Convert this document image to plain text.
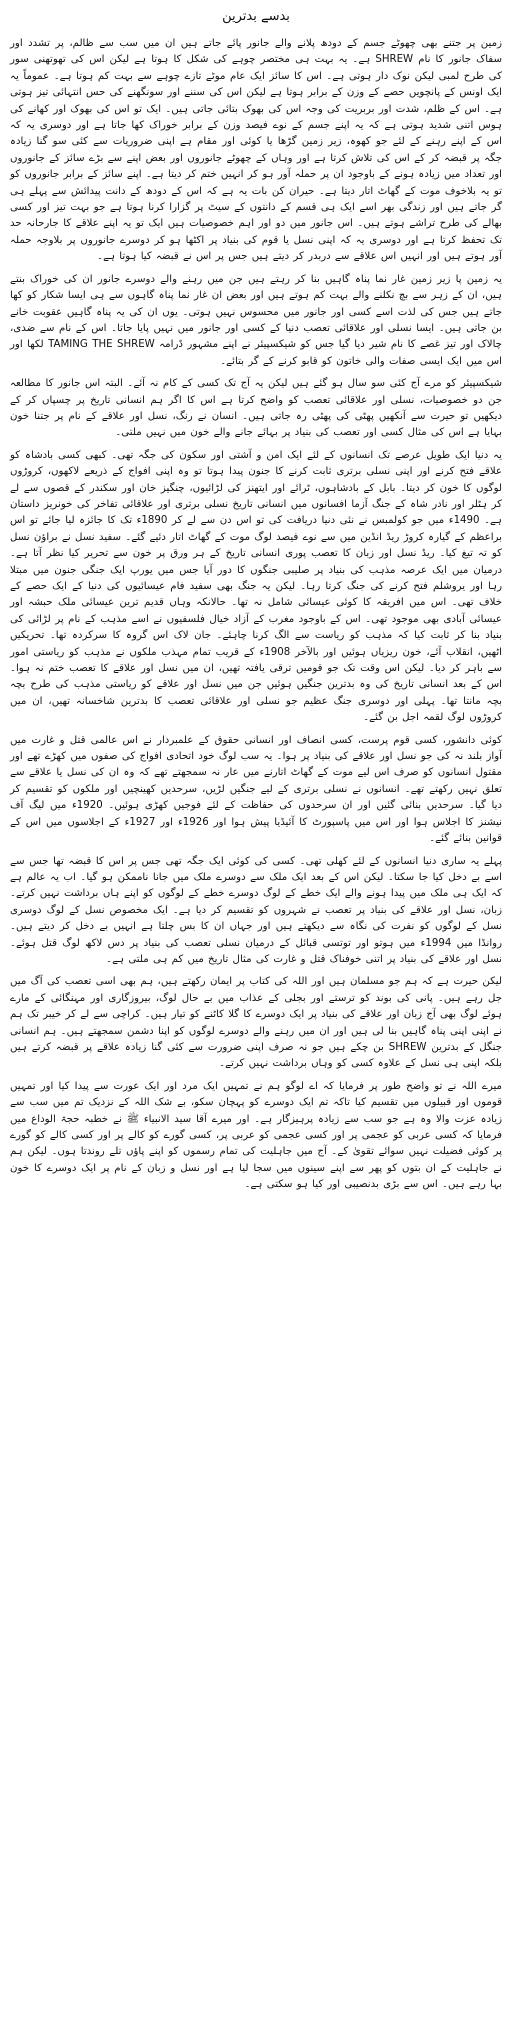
بدسے بدترین

زمین پر جتنے بھی چھوٹے جسم کے دودھ پلانے والے جانور پائے جاتے ہیں ان میں سب سے ظالم، پر تشدد اور سفاک جانور کا نام SHREW ہے۔ یہ بہت ہی مختصر چوہے کی شکل کا ہوتا ہے لیکن اس کی تھوتھنی سور کی طرح لمبی لیکن نوک دار ہوتی ہے۔ اس کا سائز ایک عام موٹے تازے چوہے سے بہت کم ہوتا ہے۔ عموماً یہ ایک اونس کے پانچویں حصے کے وزن کے برابر ہوتا ہے لیکن اس کی سننے اور سونگھنے کی حس انتہائی تیز ہوتی ہے۔ اس کے ظلم، شدت اور بربریت کی وجہ اس کی بھوک بتائی جاتی ہیں۔ ایک تو اس کی بھوک اور کھانے کی ہوس اتنی شدید ہوتی ہے کہ یہ اپنے جسم کے نوے فیصد وزن کے برابر خوراک کھا جاتا ہے اور دوسری یہ کہ اس کے اپنے رہنے کے لئے جو کھوہ، زیر زمین گڑھا یا کوئی اور مقام ہے اپنی ضروریات سے کئی سو گنا زیادہ جگہ پر قبضہ کر کے اس کی تلاش کرتا ہے اور وہاں کے چھوٹے جانوروں اور بعض اپنے سے بڑے سائز کے جانوروں اور تعداد میں زیادہ ہونے کے باوجود ان پر حملہ آور ہو کر انہیں ختم کر دیتا ہے۔ اپنے سائز کے برابر جانوروں کو تو یہ بلاخوف موت کے گھاٹ اتار دیتا ہے۔ حیران کن بات یہ ہے کہ اس کے دودھ کے دانت پیدائش سے پہلے ہی گر جاتے ہیں اور زندگی بھر اسے ایک ہی قسم کے دانتوں کے سیٹ پر گزارا کرنا ہوتا ہے جو بہت تیز اور کسی بھالے کی طرح تراشے ہوتے ہیں۔ اس جانور میں دو اور اہم خصوصیات ہیں ایک تو یہ اپنے علاقے کا جارحانہ حد تک تحفظ کرتا ہے اور دوسری یہ کہ اپنی نسل یا قوم کی بنیاد پر اکٹھا ہو کر دوسرے جانوروں پر بلاوجہ حملہ آور ہوتے ہیں اور انہیں اس علاقے سے دربدر کر دیتے ہیں جس پر اس نے قبضہ کیا ہوتا ہے۔

یہ زمین پا زیر زمین غار نما پناہ گاہیں بنا کر رہتے ہیں جن میں رہنے والے دوسرے جانور ان کی خوراک بنتے ہیں، ان کے زہر سے بچ نکلنے والے بہت کم ہوتے ہیں اور بعض ان غار نما پناہ گاہوں سے ہی ایسا شکار کو کھا جاتے ہیں جس کی لذت اسے کسی اور جانور میں محسوس نہیں ہوتی۔ یوں ان کی یہ پناہ گاہیں عقوبت خانے بن جاتی ہیں۔ ایسا نسلی اور علاقائی تعصب دنیا کے کسی اور جانور میں نہیں پایا جاتا۔ اس کے نام سے ضدی، چالاک اور تیز غصے کا نام شیر دیا گیا جس کو شیکسپیئر نے اپنے مشہور ڈرامہ TAMING THE SHREW لکھا اور اس میں ایک ایسی صفات والی خاتون کو قابو کرنے کے گر بتائے۔

شیکسپیئر کو مرے آج کئی سو سال ہو گئے ہیں لیکن یہ آج تک کسی کے کام نہ آئے۔ البتہ اس جانور کا مطالعہ جن دو خصوصیات، نسلی اور علاقائی تعصب کو واضح کرتا ہے اس کا اگر ہم انسانی تاریخ پر چسپاں کر کے دیکھیں تو حیرت سے آنکھیں پھٹی کی پھٹی رہ جاتی ہیں۔ انسان نے رنگ، نسل اور علاقے کے نام پر جتنا خون بہایا ہے اس کی مثال کسی اور تعصب کی بنیاد پر بہائے جانے والے خون میں نہیں ملتی۔

یہ دنیا ایک طویل عرصے تک انسانوں کے لئے ایک امن و آشتی اور سکون کی جگہ تھی۔ کبھی کسی بادشاہ کو علاقے فتح کرنے اور اپنی نسلی برتری ثابت کرنے کا جنون پیدا ہوتا تو وہ اپنی افواج کے ذریعے لاکھوں، کروڑوں لوگوں کا خون کر دیتا۔ بابل کے بادشاہوں، ٹرائے اور ایتھنز کی لڑائیوں، چنگیز خان اور سکندر کے قصوں سے لے کر ہٹلر اور نادر شاہ کے جنگ آزما افسانوں میں انسانی تاریخ نسلی برتری اور علاقائی تفاخر کی خونریز داستان ہے۔ 1490ء میں جو کولمبس نے نئی دنیا دریافت کی تو اس دن سے لے کر 1890ء تک کا جائزہ لیا جائے تو اس براعظم کے گیارہ کروڑ ریڈ انڈین میں سے نوے فیصد لوگ موت کے گھاٹ اتار دئیے گئے۔ سفید نسل نے براؤن نسل کو تہ تیغ کیا۔ ریڈ نسل اور زبان کا تعصب پوری انسانی تاریخ کے ہر ورق پر خون سے تحریر کیا نظر آتا ہے۔ درمیان میں ایک عرصہ مذہب کی بنیاد پر صلیبی جنگوں کا دور آیا جس میں یورپ ایک جنگی جنون میں مبتلا رہا اور یروشلم فتح کرنے کی جنگ کرتا رہا۔ لیکن یہ جنگ بھی سفید فام عیسائیوں کی دنیا کے ایک حصے کے خلاف تھی۔ اس میں افریقہ کا کوئی عیسائی شامل نہ تھا۔ حالانکہ وہاں قدیم ترین عیسائی ملک حبشہ اور عیسائی آبادی بھی موجود تھی۔ اس کے باوجود مغرب کے آزاد خیال فلسفیوں نے اسے مذہب کے نام پر لڑائی کی بنیاد بنا کر ثابت کیا کہ مذہب کو ریاست سے الگ کرنا چاہئے۔ جان لاک اس گروہ کا سرکردہ تھا۔ تحریکیں اٹھیں، انقلاب آئے، خون ریزیاں ہوئیں اور بالآخر 1908ء کے قریب تمام مہذب ملکوں نے مذہب کو ریاستی امور سے باہر کر دیا۔ لیکن اس وقت تک جو قومیں ترقی یافتہ تھیں، ان میں نسل اور علاقے کا تعصب ختم نہ ہوا۔ اس کے بعد انسانی تاریخ کی وہ بدترین جنگیں ہوئیں جن میں نسل اور علاقے کو ریاستی مذہب کی طرح بچہ بچہ مانتا تھا۔ پہلی اور دوسری جنگ عظیم جو نسلی اور علاقائی تعصب کا بدترین شاخسانہ تھیں، ان میں کروڑوں لوگ لقمہ اجل بن گئے۔

کوئی دانشور، کسی قوم پرست، کسی انصاف اور انسانی حقوق کے علمبردار نے اس عالمی قتل و غارت میں آواز بلند نہ کی جو نسل اور علاقے کی بنیاد پر ہوا۔ یہ سب لوگ خود اتحادی افواج کی صفوں میں کھڑے تھے اور مقتول انسانوں کو صرف اس لیے موت کے گھاٹ اتارنے میں عار نہ سمجھتے تھے کہ وہ ان کی نسل یا علاقے سے تعلق نہیں رکھتے تھے۔ انسانوں نے نسلی برتری کے لیے جنگیں لڑیں، سرحدیں کھینچیں اور ملکوں کو تقسیم کر دیا گیا۔ سرحدیں بنائی گئیں اور ان سرحدوں کی حفاظت کے لئے فوجیں کھڑی ہوئیں۔ 1920ء میں لیگ آف نیشنز کا اجلاس ہوا اور اس میں پاسپورٹ کا آئیڈیا پیش ہوا اور 1926ء اور 1927ء کے اجلاسوں میں اس کے قوانین بنائے گئے۔

پہلے یہ ساری دنیا انسانوں کے لئے کھلی تھی۔ کسی کی کوئی ایک جگہ تھی جس پر اس کا قبضہ تھا جس سے اسے بے دخل کیا جا سکتا۔ لیکن اس کے بعد ایک ملک سے دوسرے ملک میں جانا ناممکن ہو گیا۔ اب یہ عالم ہے کہ ایک ہی ملک میں پیدا ہونے والے ایک خطے کے لوگ دوسرے خطے کے لوگوں کو اپنے ہاں برداشت نہیں کرتے۔ زبان، نسل اور علاقے کی بنیاد پر تعصب نے شہروں کو تقسیم کر دیا ہے۔ ایک مخصوص نسل کے لوگ دوسری نسل کے لوگوں کو نفرت کی نگاہ سے دیکھتے ہیں اور جہاں ان کا بس چلتا ہے انہیں بے دخل کر دیتے ہیں۔ روانڈا میں 1994ء میں ہوتو اور توتسی قبائل کے درمیان نسلی تعصب کی بنیاد پر دس لاکھ لوگ قتل ہوئے۔ نسل اور علاقے کی بنیاد پر اتنی خوفناک قتل و غارت کی مثال تاریخ میں کم ہی ملتی ہے۔

لیکن حیرت ہے کہ ہم جو مسلمان ہیں اور اللہ کی کتاب پر ایمان رکھتے ہیں، ہم بھی اسی تعصب کی آگ میں جل رہے ہیں۔ پانی کی بوند کو ترستے اور بجلی کے عذاب میں بے حال لوگ، بیروزگاری اور مہنگائی کے مارے ہوئے لوگ بھی آج زبان اور علاقے کی بنیاد پر ایک دوسرے کا گلا کاٹنے کو تیار ہیں۔ کراچی سے لے کر خیبر تک ہم نے اپنی اپنی پناہ گاہیں بنا لی ہیں اور ان میں رہنے والے دوسرے لوگوں کو اپنا دشمن سمجھتے ہیں۔ ہم انسانی جنگل کے بدترین SHREW بن چکے ہیں جو نہ صرف اپنی ضرورت سے کئی گنا زیادہ علاقے پر قبضہ کرتے ہیں بلکہ اپنی ہی نسل کے علاوہ کسی کو وہاں برداشت نہیں کرتے۔

میرے اللہ نے تو واضح طور پر فرمایا کہ اے لوگو ہم نے تمہیں ایک مرد اور ایک عورت سے پیدا کیا اور تمہیں قوموں اور قبیلوں میں تقسیم کیا تاکہ تم ایک دوسرے کو پہچان سکو، بے شک اللہ کے نزدیک تم میں سب سے زیادہ عزت والا وہ ہے جو سب سے زیادہ پرہیزگار ہے۔ اور میرے آقا سید الانبیاء ﷺ نے خطبہ حجۃ الوداع میں فرمایا کہ کسی عربی کو عجمی پر اور کسی عجمی کو عربی پر، کسی گورے کو کالے پر اور کسی کالے کو گورے پر کوئی فضیلت نہیں سوائے تقویٰ کے۔ آج میں جاہلیت کی تمام رسموں کو اپنے پاؤں تلے روندتا ہوں۔ لیکن ہم نے جاہلیت کے ان بتوں کو پھر سے اپنے سینوں میں سجا لیا ہے اور نسل و زبان کے نام پر ایک دوسرے کا خون بہا رہے ہیں۔ اس سے بڑی بدنصیبی اور کیا ہو سکتی ہے۔
